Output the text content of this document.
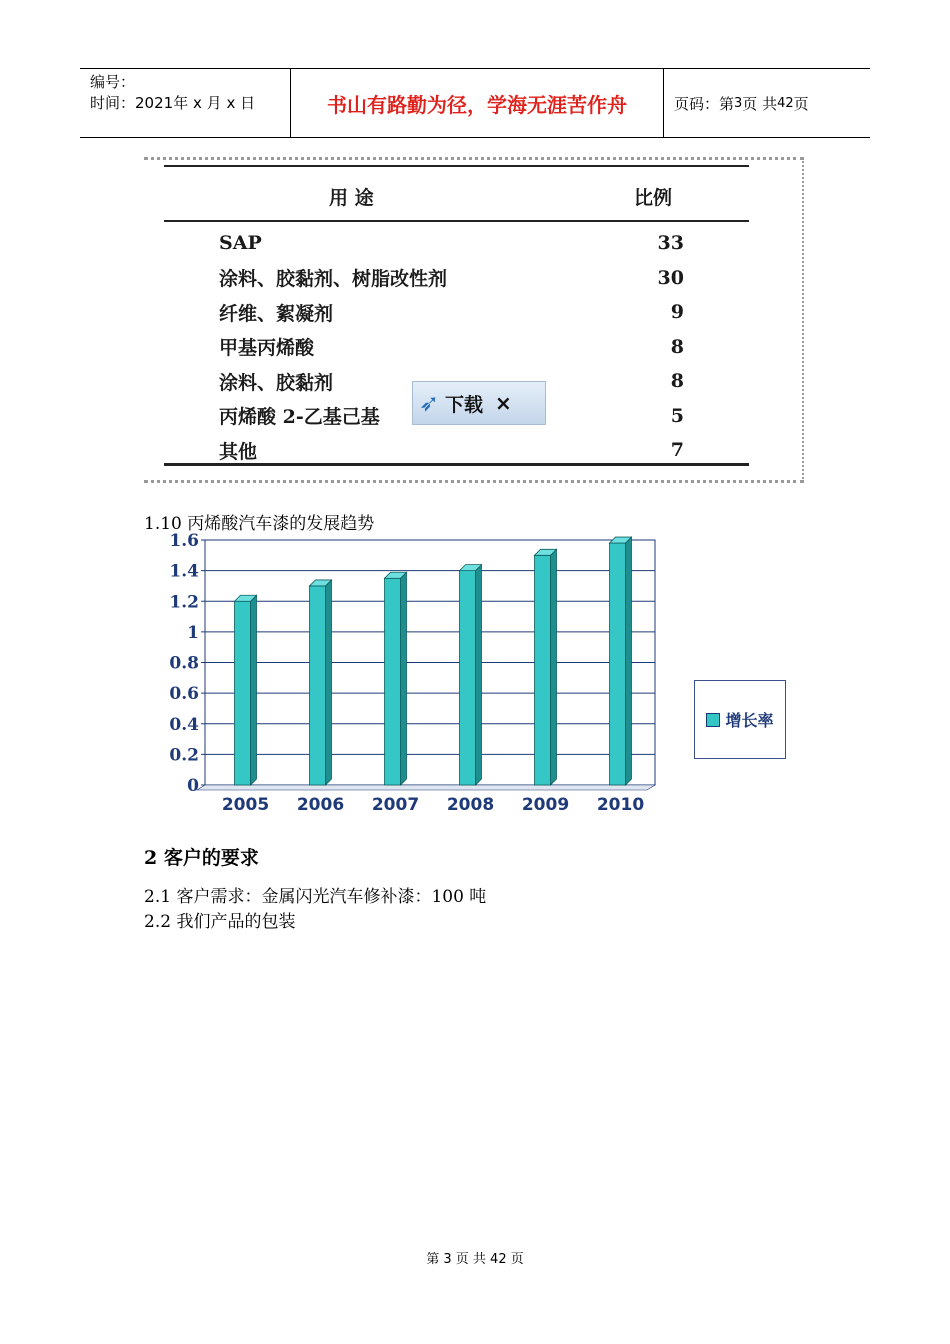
编号：
时间：2021年 x 月 x 日	书山有路勤为径，学海无涯苦作舟	页码：第 3 页 共 42 页
用 途	比例
SAP	33
涂料、胶黏剂、树脂改性剂	30
纤维、絮凝剂	9
甲基丙烯酸	8
涂料、胶黏剂	8
丙烯酸 2-乙基己基	5
其他	7
➶ 下载 ×
1.10 丙烯酸汽车漆的发展趋势
0
0.2
0.4
0.6
0.8
1
1.2
1.4
1.6
2005 2006 2007 2008 2009 2010
增长率
2 客户的要求
2.1 客户需求：金属闪光汽车修补漆：100 吨
2.2 我们产品的包装
第 3 页 共 42 页
